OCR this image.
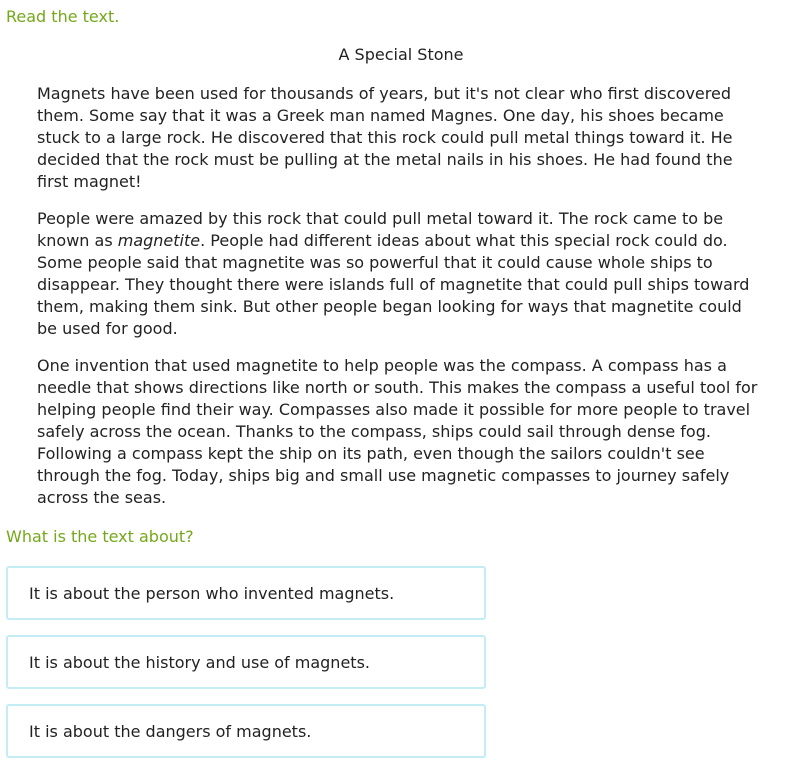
Read the text.
A Special Stone

Magnets have been used for thousands of years, but it's not clear who first discovered them. Some say that it was a Greek man named Magnes. One day, his shoes became stuck to a large rock. He discovered that this rock could pull metal things toward it. He decided that the rock must be pulling at the metal nails in his shoes. He had found the first magnet!

People were amazed by this rock that could pull metal toward it. The rock came to be known as magnetite. People had different ideas about what this special rock could do. Some people said that magnetite was so powerful that it could cause whole ships to disappear. They thought there were islands full of magnetite that could pull ships toward them, making them sink. But other people began looking for ways that magnetite could be used for good.

One invention that used magnetite to help people was the compass. A compass has a needle that shows directions like north or south. This makes the compass a useful tool for helping people find their way. Compasses also made it possible for more people to travel safely across the ocean. Thanks to the compass, ships could sail through dense fog. Following a compass kept the ship on its path, even though the sailors couldn't see through the fog. Today, ships big and small use magnetic compasses to journey safely across the seas.

What is the text about?
It is about the person who invented magnets.
It is about the history and use of magnets.
It is about the dangers of magnets.
